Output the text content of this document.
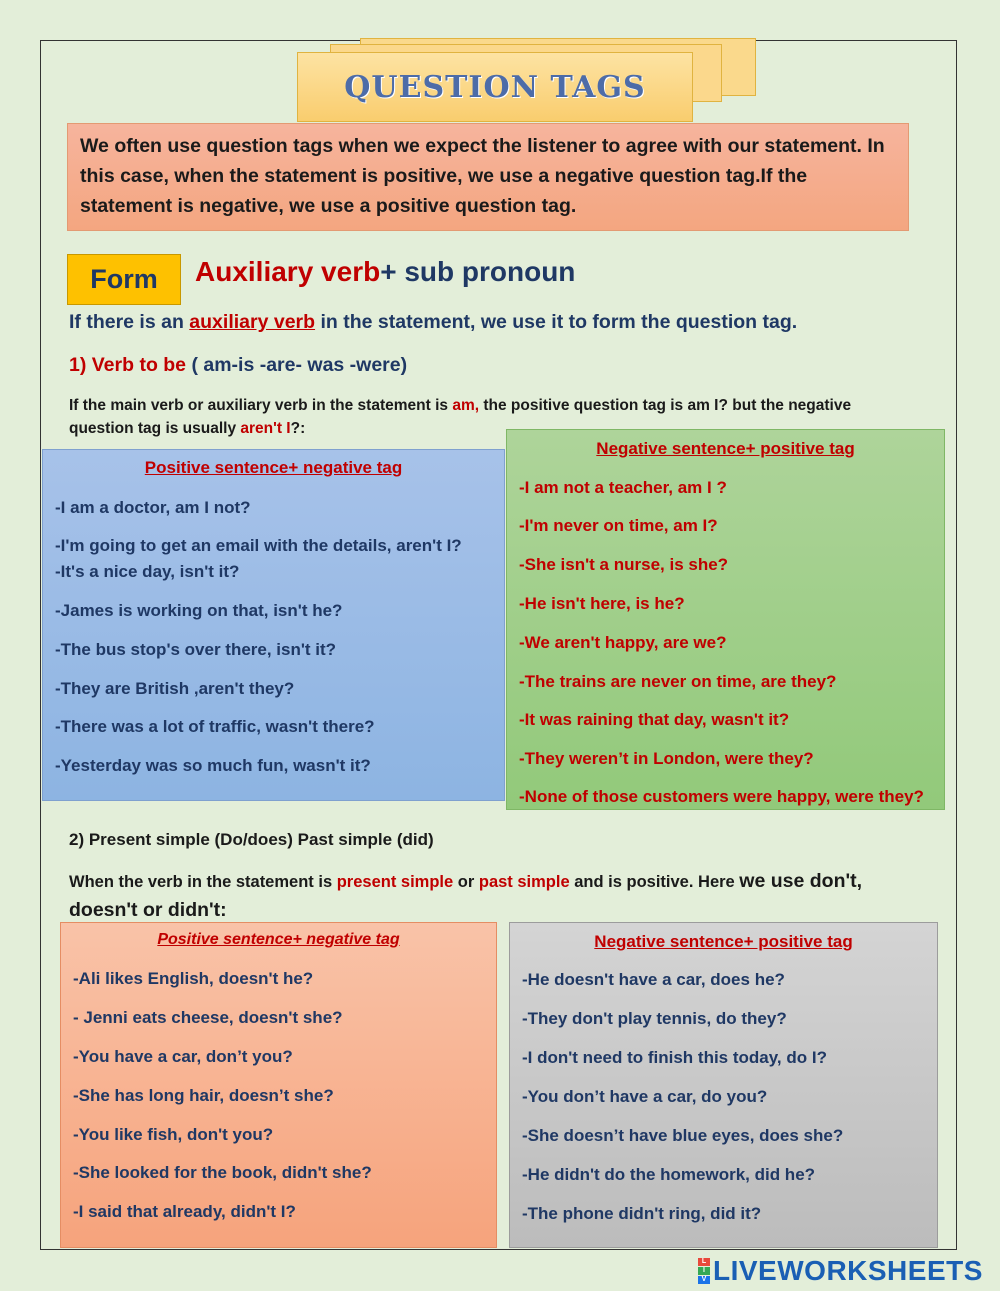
QUESTION TAGS
We often use question tags when we expect the listener to agree with our statement. In this case, when the statement is positive, we use a negative question tag.If the statement is negative, we use a positive question tag.
Form	Auxiliary verb+ sub pronoun
If there is an auxiliary verb in the statement, we use it to form the question tag.
1) Verb to be ( am-is -are- was -were)
If the main verb or auxiliary verb in the statement is am, the positive question tag is am I? but the negative
question tag is usually aren't I?:
Positive sentence+ negative tag
-I am a doctor, am I not?
-I'm going to get an email with the details, aren't I?
-It's a nice day, isn't it?
-James is working on that, isn't he?
-The bus stop's over there, isn't it?
-They are British ,aren't they?
-There was a lot of traffic, wasn't there?
-Yesterday was so much fun, wasn't it?
Negative sentence+ positive tag
-I am not a teacher, am I ?
-I'm never on time, am I?
-She isn't a nurse, is she?
-He isn't here, is he?
-We aren't happy, are we?
-The trains are never on time, are they?
-It was raining that day, wasn't it?
-They weren’t in London, were they?
-None of those customers were happy, were they?
2) Present simple (Do/does) Past simple (did)
When the verb in the statement is present simple or past simple and is positive. Here we use don't,
doesn't or didn't:
Positive sentence+ negative tag
-Ali likes English, doesn't he?
- Jenni eats cheese, doesn't she?
-You have a car, don’t you?
-She has long hair, doesn’t she?
-You like fish, don't you?
-She looked for the book, didn't she?
-I said that already, didn't I?
Negative sentence+ positive tag
-He doesn't have a car, does he?
-They don't play tennis, do they?
-I don't need to finish this today, do I?
-You don’t have a car, do you?
-She doesn’t have blue eyes, does she?
-He didn't do the homework, did he?
-The phone didn't ring, did it?
L
I
V LIVEWORKSHEETS
